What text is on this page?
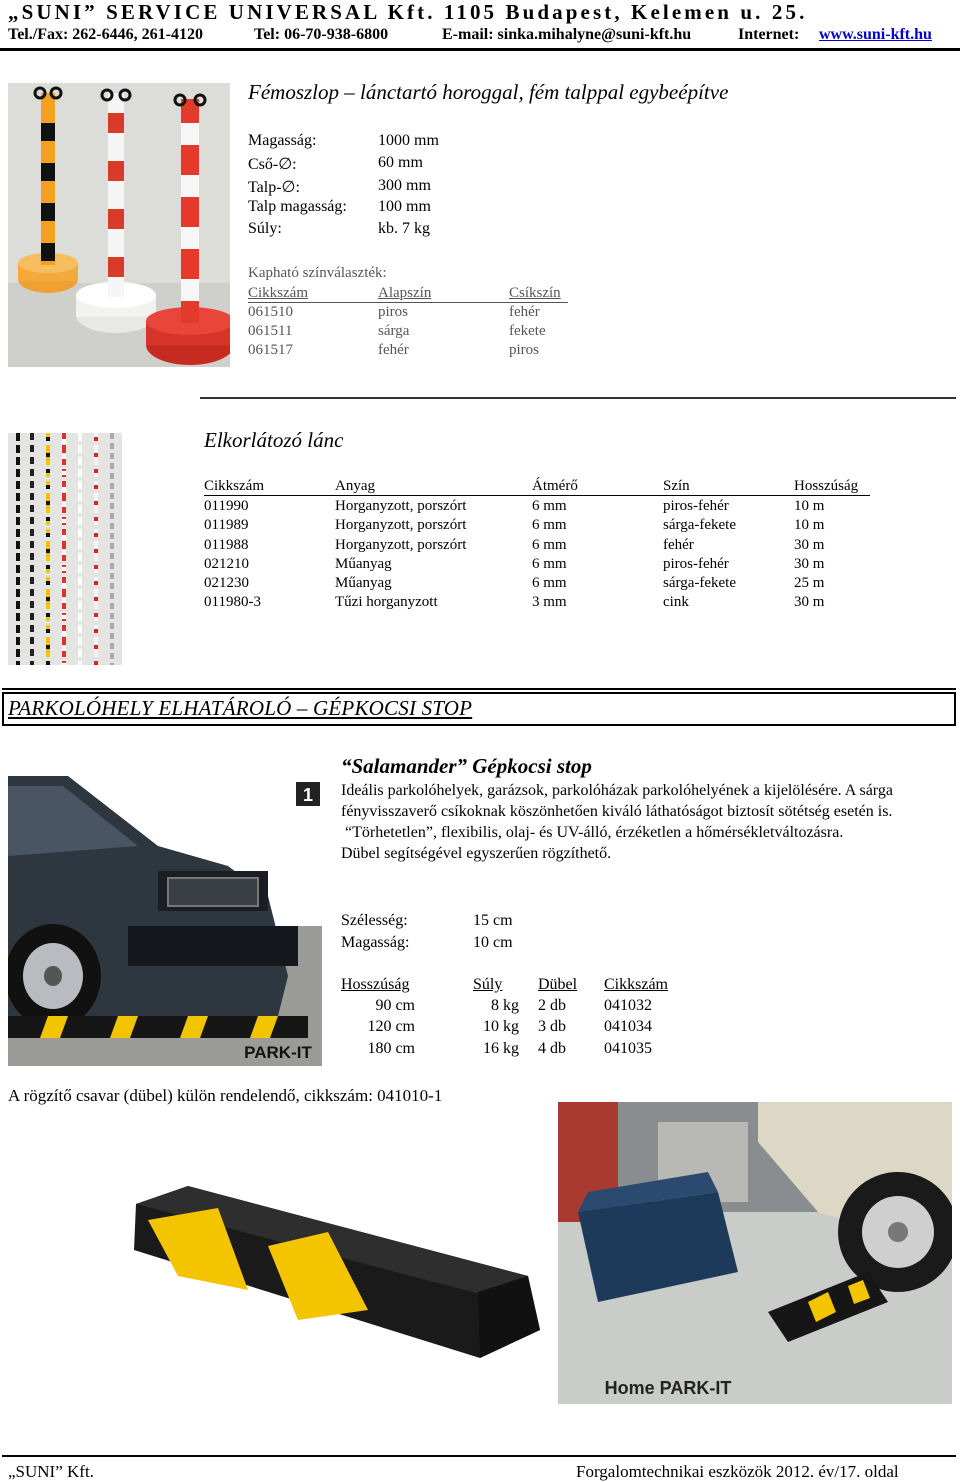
„SUNI” SERVICE UNIVERSAL Kft. 1105 Budapest, Kelemen u. 25.
Tel./Fax: 262-6446, 261-4120	Tel: 06-70-938-6800	E-mail: sinka.mihalyne@suni-kft.hu	Internet: www.suni-kft.hu
Fémoszlop – lánctartó horoggal, fém talppal egybeépítve
Magasság:	1000 mm
Cső-∅:	60 mm
Talp-∅:	300 mm
Talp magasság: 100 mm
Súly:	kb. 7 kg
Kapható színválaszték:
Cikkszám	Alapszín	Csíkszín
061510	piros	fehér
061511	sárga	fekete
061517	fehér	piros
Elkorlátozó lánc
Cikkszám	Anyag	Átmérő	Szín	Hosszúság
011990	Horganyzott, porszórt	6 mm	piros-fehér	10 m
011989	Horganyzott, porszórt	6 mm	sárga-fekete	10 m
011988	Horganyzott, porszórt	6 mm	fehér	30 m
021210	Műanyag	6 mm	piros-fehér	30 m
021230	Műanyag	6 mm	sárga-fekete	25 m
011980-3	Tűzi horganyzott	3 mm	cink	30 m
PARKOLÓHELY ELHATÁROLÓ – GÉPKOCSI STOP
1
PARK-IT
“Salamander” Gépkocsi stop
Ideális parkolóhelyek, garázsok, parkolóházak parkolóhelyének a kijelölésére. A sárga fényvisszaverő csíkoknak köszönhetően kiváló láthatóságot biztosít sötétség esetén is.
“Törhetetlen”, flexibilis, olaj- és UV-álló, érzéketlen a hőmérsékletváltozásra.
Dübel segítségével egyszerűen rögzíthető.
Szélesség:	15 cm
Magasság:	10 cm
Hosszúság	Súly Dübel Cikkszám
90 cm	8 kg 2 db 041032
120 cm	10 kg 3 db 041034
180 cm	16 kg 4 db 041035
A rögzítő csavar (dübel) külön rendelendő, cikkszám: 041010-1
Home PARK-IT
„SUNI” Kft.	Forgalomtechnikai eszközök 2012. év/17. oldal
